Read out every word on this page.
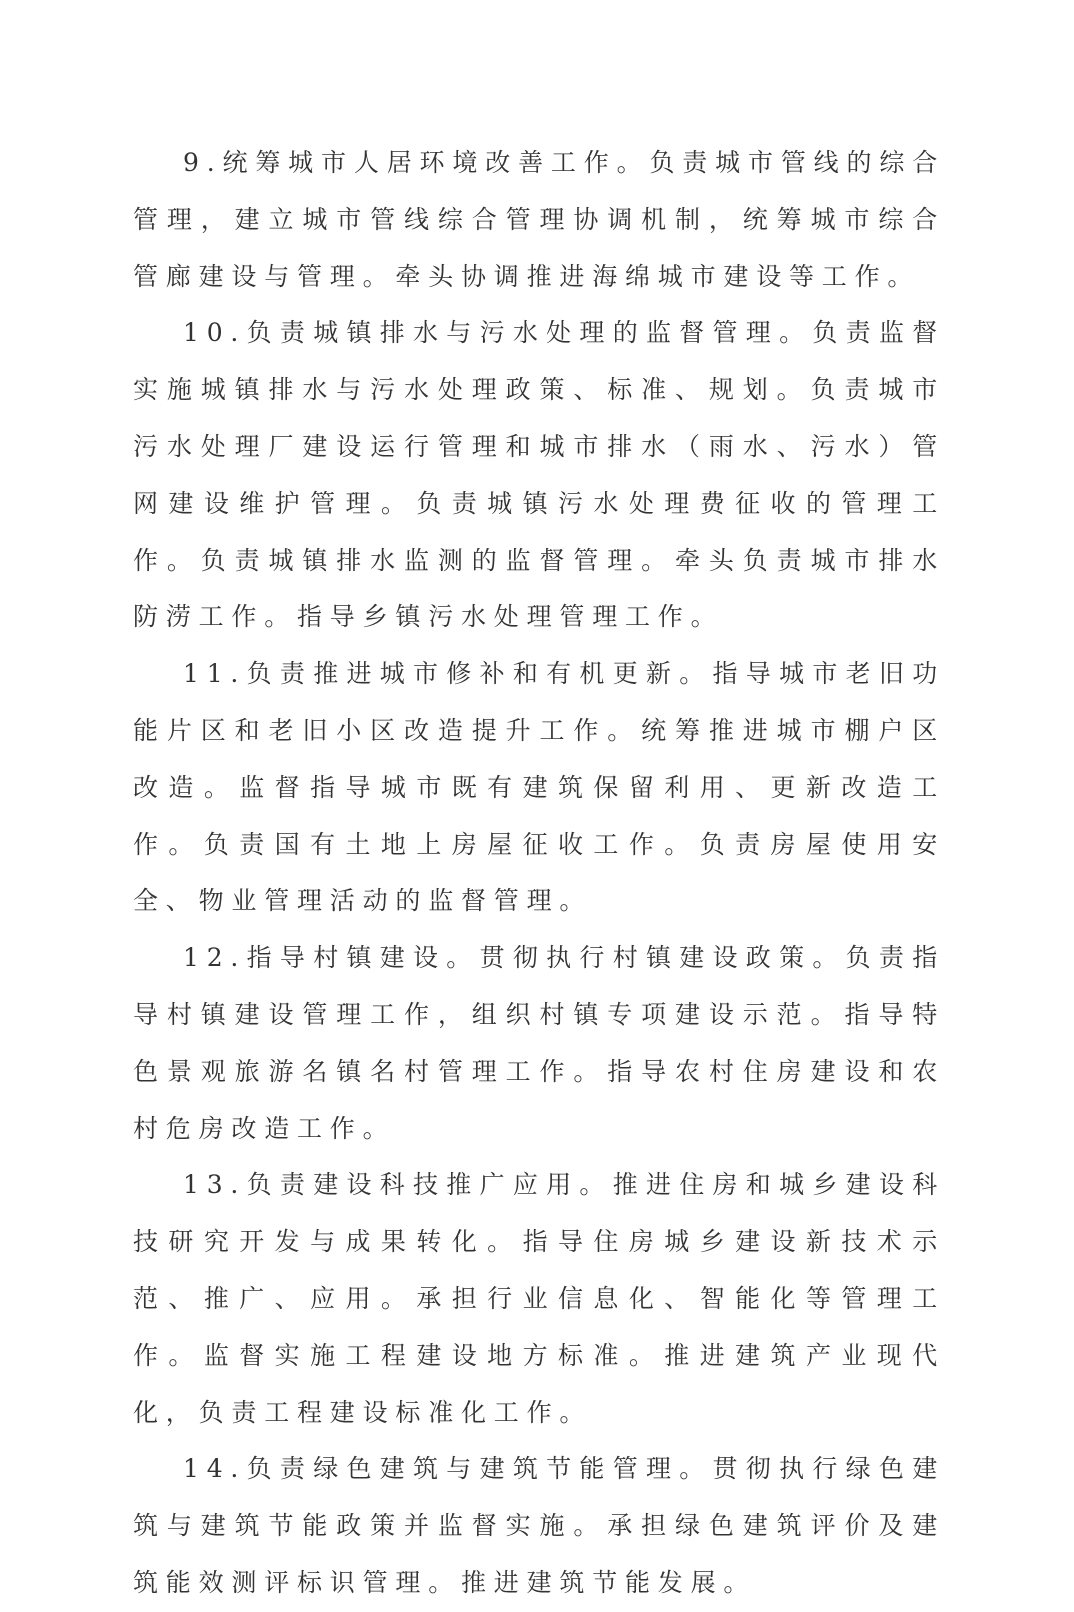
9.统筹城市人居环境改善工作。负责城市管线的综合管理，建立城市管线综合管理协调机制，统筹城市综合管廊建设与管理。牵头协调推进海绵城市建设等工作。

10.负责城镇排水与污水处理的监督管理。负责监督实施城镇排水与污水处理政策、标准、规划。负责城市污水处理厂建设运行管理和城市排水（雨水、污水）管网建设维护管理。负责城镇污水处理费征收的管理工作。负责城镇排水监测的监督管理。牵头负责城市排水防涝工作。指导乡镇污水处理管理工作。

11.负责推进城市修补和有机更新。指导城市老旧功能片区和老旧小区改造提升工作。统筹推进城市棚户区改造。监督指导城市既有建筑保留利用、更新改造工作。负责国有土地上房屋征收工作。负责房屋使用安全、物业管理活动的监督管理。

12.指导村镇建设。贯彻执行村镇建设政策。负责指导村镇建设管理工作，组织村镇专项建设示范。指导特色景观旅游名镇名村管理工作。指导农村住房建设和农村危房改造工作。

13.负责建设科技推广应用。推进住房和城乡建设科技研究开发与成果转化。指导住房城乡建设新技术示范、推广、应用。承担行业信息化、智能化等管理工作。监督实施工程建设地方标准。推进建筑产业现代化，负责工程建设标准化工作。

14.负责绿色建筑与建筑节能管理。贯彻执行绿色建筑与建筑节能政策并监督实施。承担绿色建筑评价及建筑能效测评标识管理。推进建筑节能发展。
